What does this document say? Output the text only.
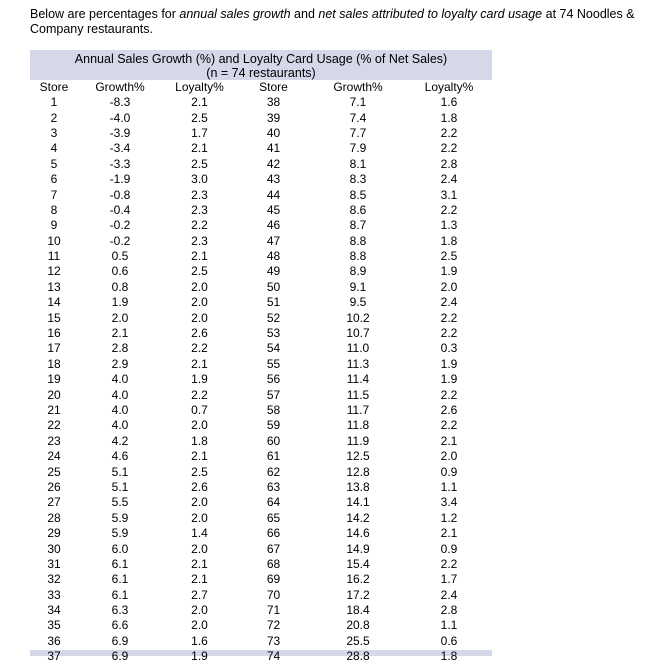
Below are percentages for annual sales growth and net sales attributed to loyalty card usage at 74 Noodles & Company restaurants.

Annual Sales Growth (%) and Loyalty Card Usage (% of Net Sales)
(n = 74 restaurants)
Store	Growth%	Loyalty%	Store	Growth%	Loyalty%
1	-8.3	2.1	38	7.1	1.6
2	-4.0	2.5	39	7.4	1.8
3	-3.9	1.7	40	7.7	2.2
4	-3.4	2.1	41	7.9	2.2
5	-3.3	2.5	42	8.1	2.8
6	-1.9	3.0	43	8.3	2.4
7	-0.8	2.3	44	8.5	3.1
8	-0.4	2.3	45	8.6	2.2
9	-0.2	2.2	46	8.7	1.3
10	-0.2	2.3	47	8.8	1.8
11	0.5	2.1	48	8.8	2.5
12	0.6	2.5	49	8.9	1.9
13	0.8	2.0	50	9.1	2.0
14	1.9	2.0	51	9.5	2.4
15	2.0	2.0	52	10.2	2.2
16	2.1	2.6	53	10.7	2.2
17	2.8	2.2	54	11.0	0.3
18	2.9	2.1	55	11.3	1.9
19	4.0	1.9	56	11.4	1.9
20	4.0	2.2	57	11.5	2.2
21	4.0	0.7	58	11.7	2.6
22	4.0	2.0	59	11.8	2.2
23	4.2	1.8	60	11.9	2.1
24	4.6	2.1	61	12.5	2.0
25	5.1	2.5	62	12.8	0.9
26	5.1	2.6	63	13.8	1.1
27	5.5	2.0	64	14.1	3.4
28	5.9	2.0	65	14.2	1.2
29	5.9	1.4	66	14.6	2.1
30	6.0	2.0	67	14.9	0.9
31	6.1	2.1	68	15.4	2.2
32	6.1	2.1	69	16.2	1.7
33	6.1	2.7	70	17.2	2.4
34	6.3	2.0	71	18.4	2.8
35	6.6	2.0	72	20.8	1.1
36	6.9	1.6	73	25.5	0.6
37	6.9	1.9	74	28.8	1.8
